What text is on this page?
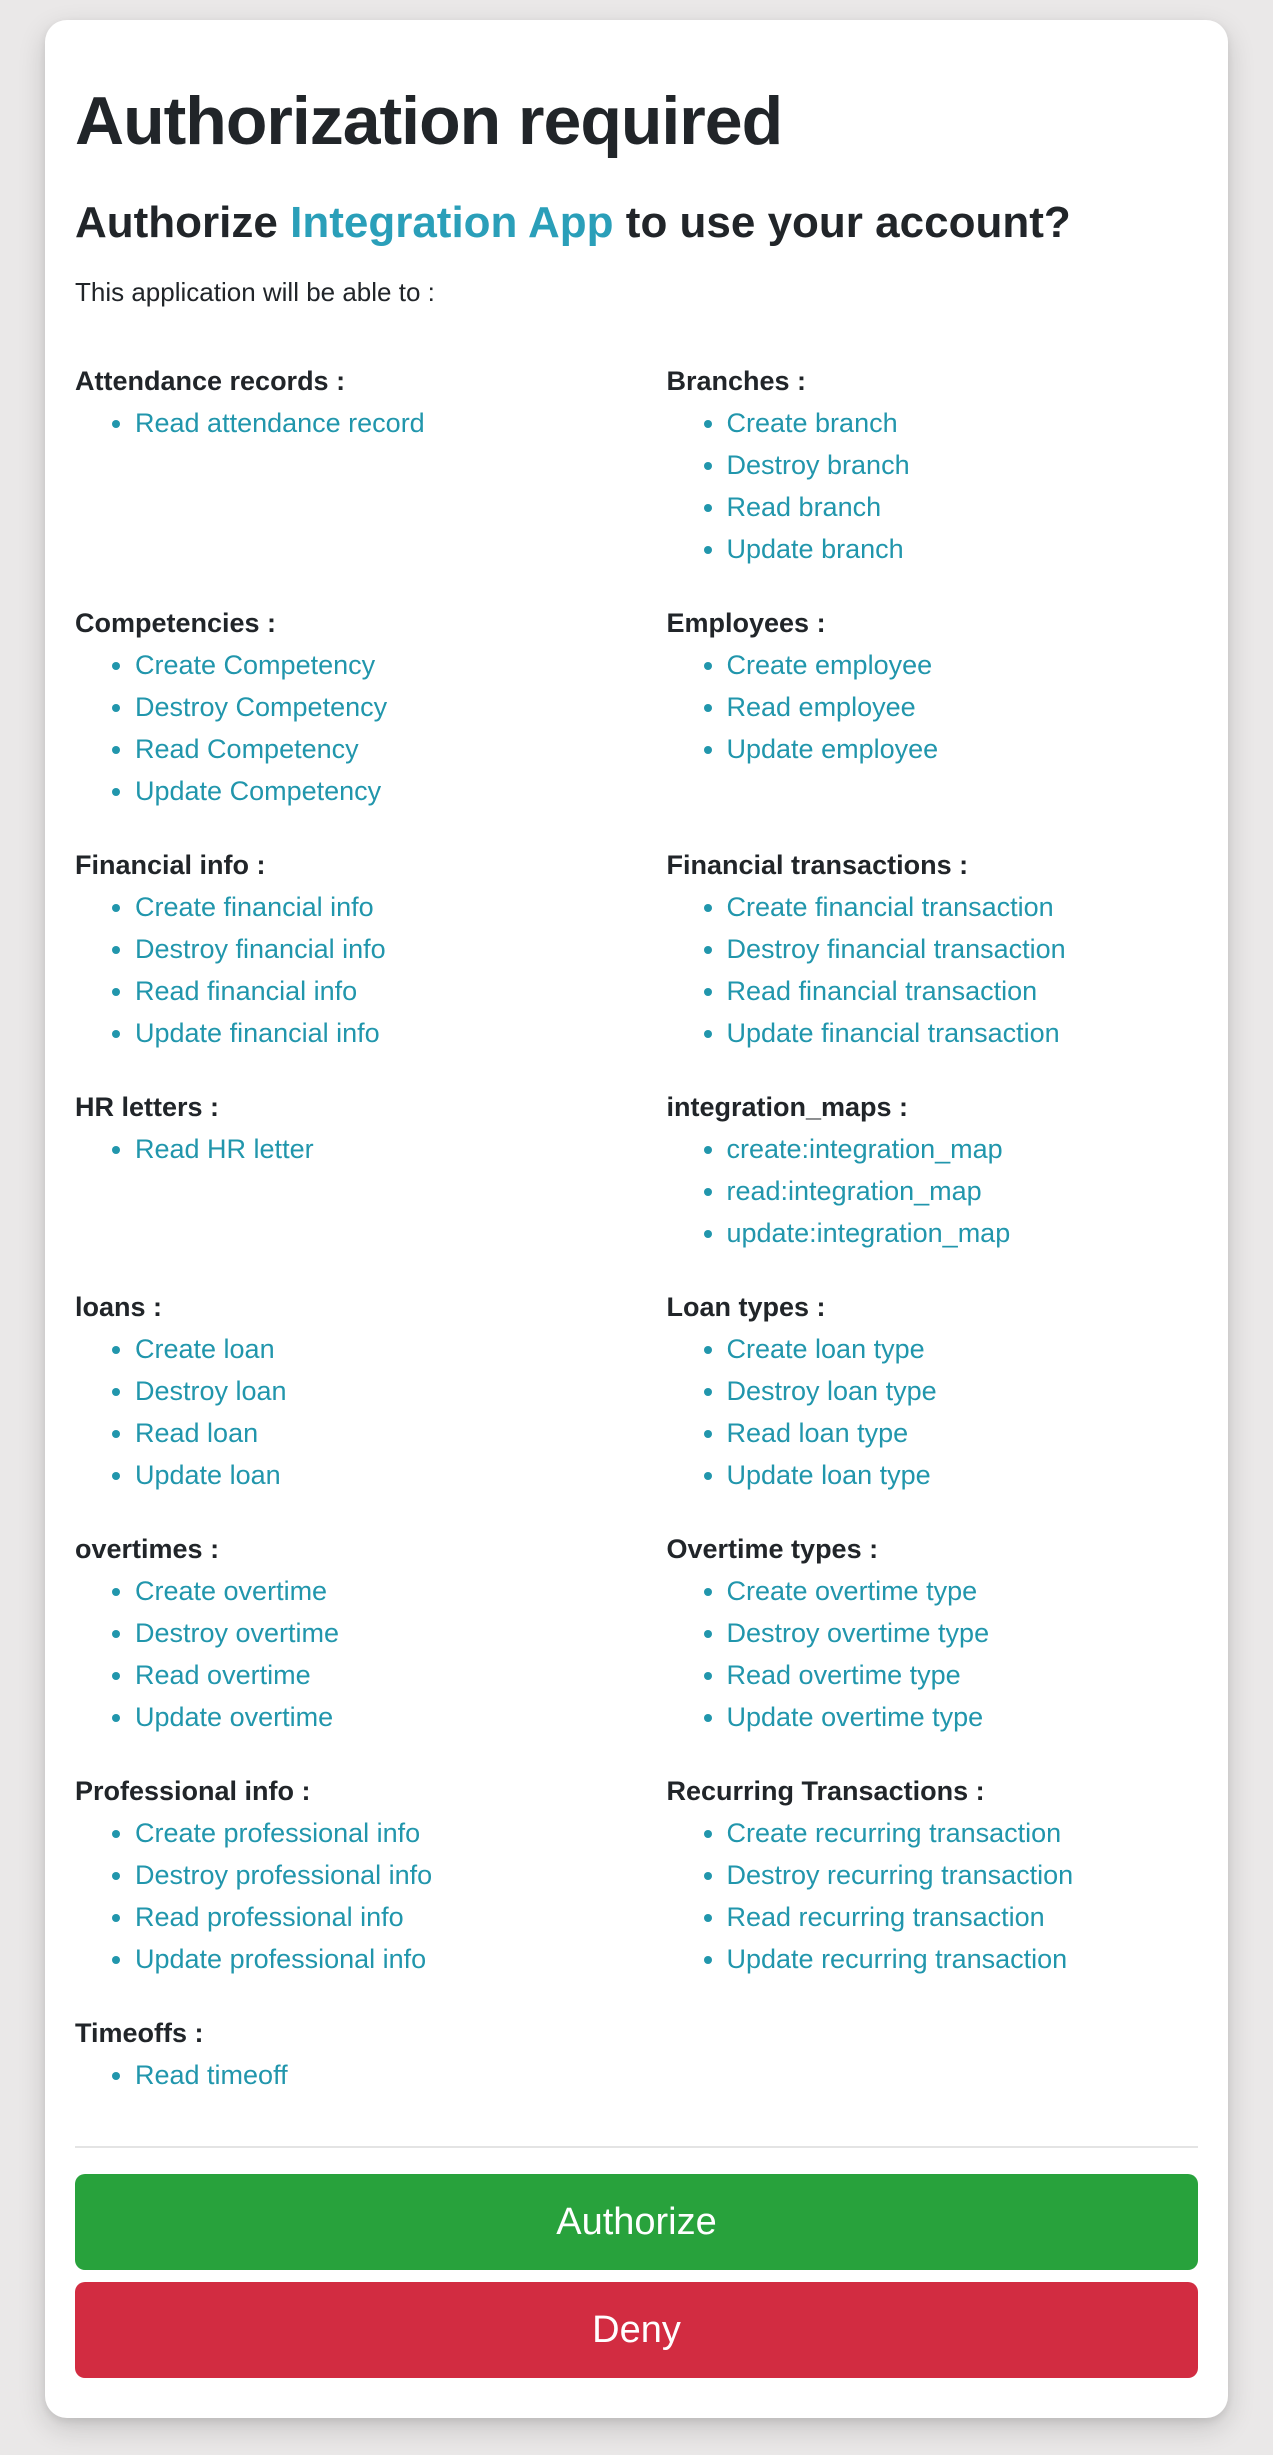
Authorization required
Authorize Integration App to use your account?

This application will be able to :

Attendance records :
• Read attendance record
Branches :
• Create branch
• Destroy branch
• Read branch
• Update branch
Competencies :
• Create Competency
• Destroy Competency
• Read Competency
• Update Competency
Employees :
• Create employee
• Read employee
• Update employee
Financial info :
• Create financial info
• Destroy financial info
• Read financial info
• Update financial info
Financial transactions :
• Create financial transaction
• Destroy financial transaction
• Read financial transaction
• Update financial transaction
HR letters :
• Read HR letter
integration_maps :
• create:integration_map
• read:integration_map
• update:integration_map
loans :
• Create loan
• Destroy loan
• Read loan
• Update loan
Loan types :
• Create loan type
• Destroy loan type
• Read loan type
• Update loan type
overtimes :
• Create overtime
• Destroy overtime
• Read overtime
• Update overtime
Overtime types :
• Create overtime type
• Destroy overtime type
• Read overtime type
• Update overtime type
Professional info :
• Create professional info
• Destroy professional info
• Read professional info
• Update professional info
Recurring Transactions :
• Create recurring transaction
• Destroy recurring transaction
• Read recurring transaction
• Update recurring transaction
Timeoffs :
• Read timeoff
Authorize
Deny
